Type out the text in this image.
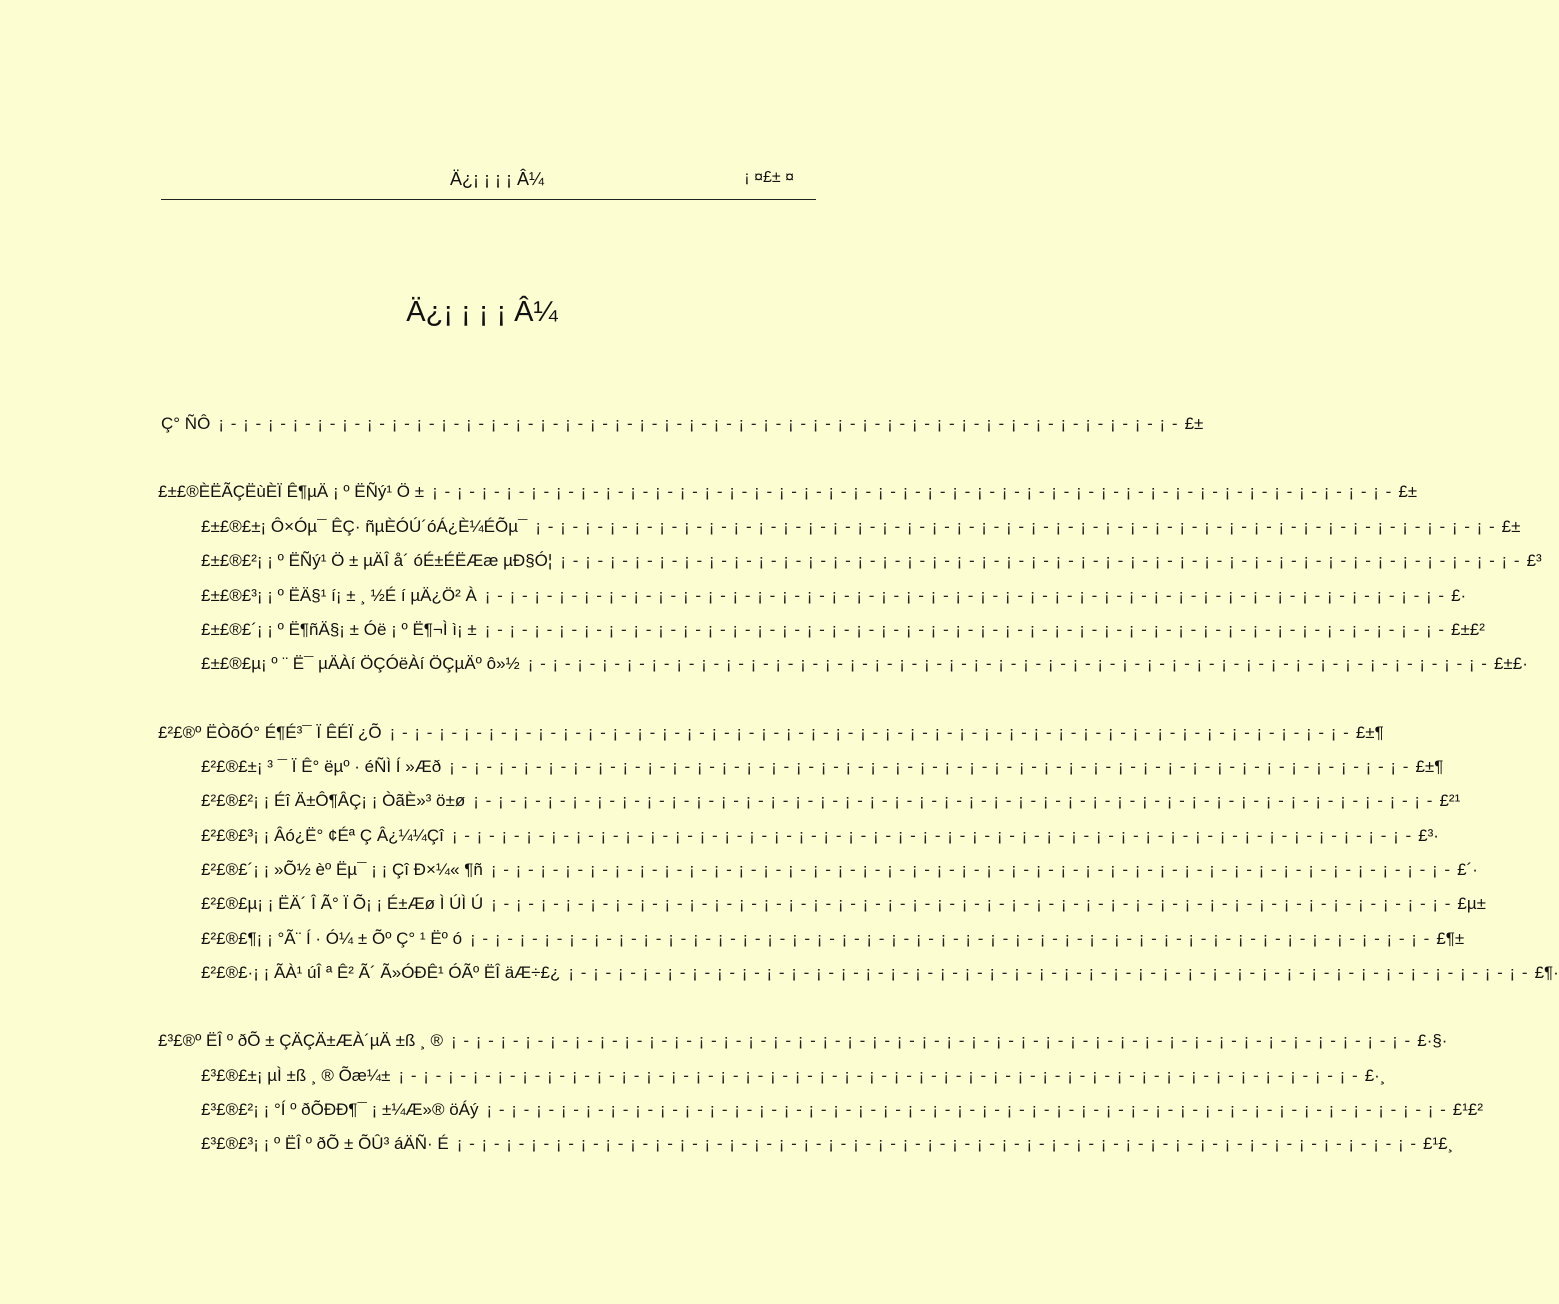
Ä¿¡ ¡ ¡ ¡ Â¼	¡ ¤£± ¤
Ä¿¡ ¡ ¡ ¡ Â¼
Ç° ÑÔ ¡ - ¡ - ¡ - ¡ - ¡ - ¡ - ¡ - ¡ - ¡ - ¡ - ¡ - ¡ - ¡ - ¡ - ¡ - ¡ - ¡ - ¡ - ¡ - ¡ - ¡ - ¡ - ¡ - ¡ - ¡ - ¡ - ¡ - ¡ - ¡ - ¡ - ¡ - ¡ - ¡ - ¡ - ¡ - ¡ - ¡ - ¡ - ¡ - £±
£±£®ÈËÃÇËùÈÏ Ê¶µÄ ¡ º ËÑý¹ Ö ± ¡ - ¡ - ¡ - ¡ - ¡ - ¡ - ¡ - ¡ - ¡ - ¡ - ¡ - ¡ - ¡ - ¡ - ¡ - ¡ - ¡ - ¡ - ¡ - ¡ - ¡ - ¡ - ¡ - ¡ - ¡ - ¡ - ¡ - ¡ - ¡ - ¡ - ¡ - ¡ - ¡ - ¡ - ¡ - ¡ - ¡ - ¡ - ¡ - £±
£±£®£±¡ Ô×Óµ¯ ÊÇ· ñµÈÓÚ´óÁ¿È¼ÉÕµ¯ ¡ - ¡ - ¡ - ¡ - ¡ - ¡ - ¡ - ¡ - ¡ - ¡ - ¡ - ¡ - ¡ - ¡ - ¡ - ¡ - ¡ - ¡ - ¡ - ¡ - ¡ - ¡ - ¡ - ¡ - ¡ - ¡ - ¡ - ¡ - ¡ - ¡ - ¡ - ¡ - ¡ - ¡ - ¡ - ¡ - ¡ - ¡ - ¡ - £±
£±£®£²¡ ¡ º ËÑý¹ Ö ± µÄÎ å´ óÉ±ÉËÆæ µÐ§Ó¦ ¡ - ¡ - ¡ - ¡ - ¡ - ¡ - ¡ - ¡ - ¡ - ¡ - ¡ - ¡ - ¡ - ¡ - ¡ - ¡ - ¡ - ¡ - ¡ - ¡ - ¡ - ¡ - ¡ - ¡ - ¡ - ¡ - ¡ - ¡ - ¡ - ¡ - ¡ - ¡ - ¡ - ¡ - ¡ - ¡ - ¡ - ¡ - ¡ - £³
£±£®£³¡ ¡ º ËÄ§¹ í¡ ± ¸ ½É í µÄ¿Ö² À ¡ - ¡ - ¡ - ¡ - ¡ - ¡ - ¡ - ¡ - ¡ - ¡ - ¡ - ¡ - ¡ - ¡ - ¡ - ¡ - ¡ - ¡ - ¡ - ¡ - ¡ - ¡ - ¡ - ¡ - ¡ - ¡ - ¡ - ¡ - ¡ - ¡ - ¡ - ¡ - ¡ - ¡ - ¡ - ¡ - ¡ - ¡ - ¡ - £·
£±£®£´¡ ¡ º Ë¶ñÄ§¡ ± Óë ¡ º Ë¶¬Ì ì¡ ± ¡ - ¡ - ¡ - ¡ - ¡ - ¡ - ¡ - ¡ - ¡ - ¡ - ¡ - ¡ - ¡ - ¡ - ¡ - ¡ - ¡ - ¡ - ¡ - ¡ - ¡ - ¡ - ¡ - ¡ - ¡ - ¡ - ¡ - ¡ - ¡ - ¡ - ¡ - ¡ - ¡ - ¡ - ¡ - ¡ - ¡ - ¡ - ¡ - £±£²
£±£®£µ¡ º ¨ Ë¯ µÄÀí ÖÇÓëÀí ÖÇµÄº ô»½ ¡ - ¡ - ¡ - ¡ - ¡ - ¡ - ¡ - ¡ - ¡ - ¡ - ¡ - ¡ - ¡ - ¡ - ¡ - ¡ - ¡ - ¡ - ¡ - ¡ - ¡ - ¡ - ¡ - ¡ - ¡ - ¡ - ¡ - ¡ - ¡ - ¡ - ¡ - ¡ - ¡ - ¡ - ¡ - ¡ - ¡ - ¡ - ¡ - £±£·
£²£®º ËÒõÓ° É¶É³¯ Ï ÊÉÏ ¿Õ ¡ - ¡ - ¡ - ¡ - ¡ - ¡ - ¡ - ¡ - ¡ - ¡ - ¡ - ¡ - ¡ - ¡ - ¡ - ¡ - ¡ - ¡ - ¡ - ¡ - ¡ - ¡ - ¡ - ¡ - ¡ - ¡ - ¡ - ¡ - ¡ - ¡ - ¡ - ¡ - ¡ - ¡ - ¡ - ¡ - ¡ - ¡ - ¡ - £±¶
£²£®£±¡ ³ ¯ Ï Ê° ëµº · éÑÌ Í »Æð ¡ - ¡ - ¡ - ¡ - ¡ - ¡ - ¡ - ¡ - ¡ - ¡ - ¡ - ¡ - ¡ - ¡ - ¡ - ¡ - ¡ - ¡ - ¡ - ¡ - ¡ - ¡ - ¡ - ¡ - ¡ - ¡ - ¡ - ¡ - ¡ - ¡ - ¡ - ¡ - ¡ - ¡ - ¡ - ¡ - ¡ - ¡ - ¡ - £±¶
£²£®£²¡ ¡ Éî Ä±Ô¶ÂÇ¡ ¡ ÒãÈ»³ ö±ø ¡ - ¡ - ¡ - ¡ - ¡ - ¡ - ¡ - ¡ - ¡ - ¡ - ¡ - ¡ - ¡ - ¡ - ¡ - ¡ - ¡ - ¡ - ¡ - ¡ - ¡ - ¡ - ¡ - ¡ - ¡ - ¡ - ¡ - ¡ - ¡ - ¡ - ¡ - ¡ - ¡ - ¡ - ¡ - ¡ - ¡ - ¡ - ¡ - £²¹
£²£®£³¡ ¡ Âó¿Ë° ¢Éª Ç Â¿¼¼Çî ¡ - ¡ - ¡ - ¡ - ¡ - ¡ - ¡ - ¡ - ¡ - ¡ - ¡ - ¡ - ¡ - ¡ - ¡ - ¡ - ¡ - ¡ - ¡ - ¡ - ¡ - ¡ - ¡ - ¡ - ¡ - ¡ - ¡ - ¡ - ¡ - ¡ - ¡ - ¡ - ¡ - ¡ - ¡ - ¡ - ¡ - ¡ - ¡ - £³·
£²£®£´¡ ¡ »Õ½ èº Ëµ¯ ¡ ¡ Çî Ð×¼« ¶ñ ¡ - ¡ - ¡ - ¡ - ¡ - ¡ - ¡ - ¡ - ¡ - ¡ - ¡ - ¡ - ¡ - ¡ - ¡ - ¡ - ¡ - ¡ - ¡ - ¡ - ¡ - ¡ - ¡ - ¡ - ¡ - ¡ - ¡ - ¡ - ¡ - ¡ - ¡ - ¡ - ¡ - ¡ - ¡ - ¡ - ¡ - ¡ - ¡ - £´·
£²£®£µ¡ ¡ ËÄ´ Î Ã° Ï Õ¡ ¡ É±Æø Ì ÚÌ Ú ¡ - ¡ - ¡ - ¡ - ¡ - ¡ - ¡ - ¡ - ¡ - ¡ - ¡ - ¡ - ¡ - ¡ - ¡ - ¡ - ¡ - ¡ - ¡ - ¡ - ¡ - ¡ - ¡ - ¡ - ¡ - ¡ - ¡ - ¡ - ¡ - ¡ - ¡ - ¡ - ¡ - ¡ - ¡ - ¡ - ¡ - ¡ - ¡ - £µ±
£²£®£¶¡ ¡ °Ã¨ Í · Ó¼ ± Õº Ç° ¹ Ëº ó ¡ - ¡ - ¡ - ¡ - ¡ - ¡ - ¡ - ¡ - ¡ - ¡ - ¡ - ¡ - ¡ - ¡ - ¡ - ¡ - ¡ - ¡ - ¡ - ¡ - ¡ - ¡ - ¡ - ¡ - ¡ - ¡ - ¡ - ¡ - ¡ - ¡ - ¡ - ¡ - ¡ - ¡ - ¡ - ¡ - ¡ - ¡ - ¡ - £¶±
£²£®£·¡ ¡ ÃÀ¹ úÎ ª Ê² Ã´ Ã»ÓÐÊ¹ ÓÃº ËÎ äÆ÷£¿ ¡ - ¡ - ¡ - ¡ - ¡ - ¡ - ¡ - ¡ - ¡ - ¡ - ¡ - ¡ - ¡ - ¡ - ¡ - ¡ - ¡ - ¡ - ¡ - ¡ - ¡ - ¡ - ¡ - ¡ - ¡ - ¡ - ¡ - ¡ - ¡ - ¡ - ¡ - ¡ - ¡ - ¡ - ¡ - ¡ - ¡ - ¡ - ¡ - £¶·
£³£®º ËÎ º ðÕ ± ÇÄÇÄ±ÆÀ´µÄ ±ß ¸ ® ¡ - ¡ - ¡ - ¡ - ¡ - ¡ - ¡ - ¡ - ¡ - ¡ - ¡ - ¡ - ¡ - ¡ - ¡ - ¡ - ¡ - ¡ - ¡ - ¡ - ¡ - ¡ - ¡ - ¡ - ¡ - ¡ - ¡ - ¡ - ¡ - ¡ - ¡ - ¡ - ¡ - ¡ - ¡ - ¡ - ¡ - ¡ - ¡ - £·§·
£³£®£±¡ µÌ ±ß ¸ ® Õæ¼± ¡ - ¡ - ¡ - ¡ - ¡ - ¡ - ¡ - ¡ - ¡ - ¡ - ¡ - ¡ - ¡ - ¡ - ¡ - ¡ - ¡ - ¡ - ¡ - ¡ - ¡ - ¡ - ¡ - ¡ - ¡ - ¡ - ¡ - ¡ - ¡ - ¡ - ¡ - ¡ - ¡ - ¡ - ¡ - ¡ - ¡ - ¡ - ¡ - £·¸
£³£®£²¡ ¡ °Í º ðÕÐÐ¶¯ ¡ ±¼Æ»® öÁý ¡ - ¡ - ¡ - ¡ - ¡ - ¡ - ¡ - ¡ - ¡ - ¡ - ¡ - ¡ - ¡ - ¡ - ¡ - ¡ - ¡ - ¡ - ¡ - ¡ - ¡ - ¡ - ¡ - ¡ - ¡ - ¡ - ¡ - ¡ - ¡ - ¡ - ¡ - ¡ - ¡ - ¡ - ¡ - ¡ - ¡ - ¡ - ¡ - £¹£²
£³£®£³¡ ¡ º ËÎ º ðÕ ± ÕÛ³ áÄÑ· É ¡ - ¡ - ¡ - ¡ - ¡ - ¡ - ¡ - ¡ - ¡ - ¡ - ¡ - ¡ - ¡ - ¡ - ¡ - ¡ - ¡ - ¡ - ¡ - ¡ - ¡ - ¡ - ¡ - ¡ - ¡ - ¡ - ¡ - ¡ - ¡ - ¡ - ¡ - ¡ - ¡ - ¡ - ¡ - ¡ - ¡ - ¡ - ¡ - £¹£¸
